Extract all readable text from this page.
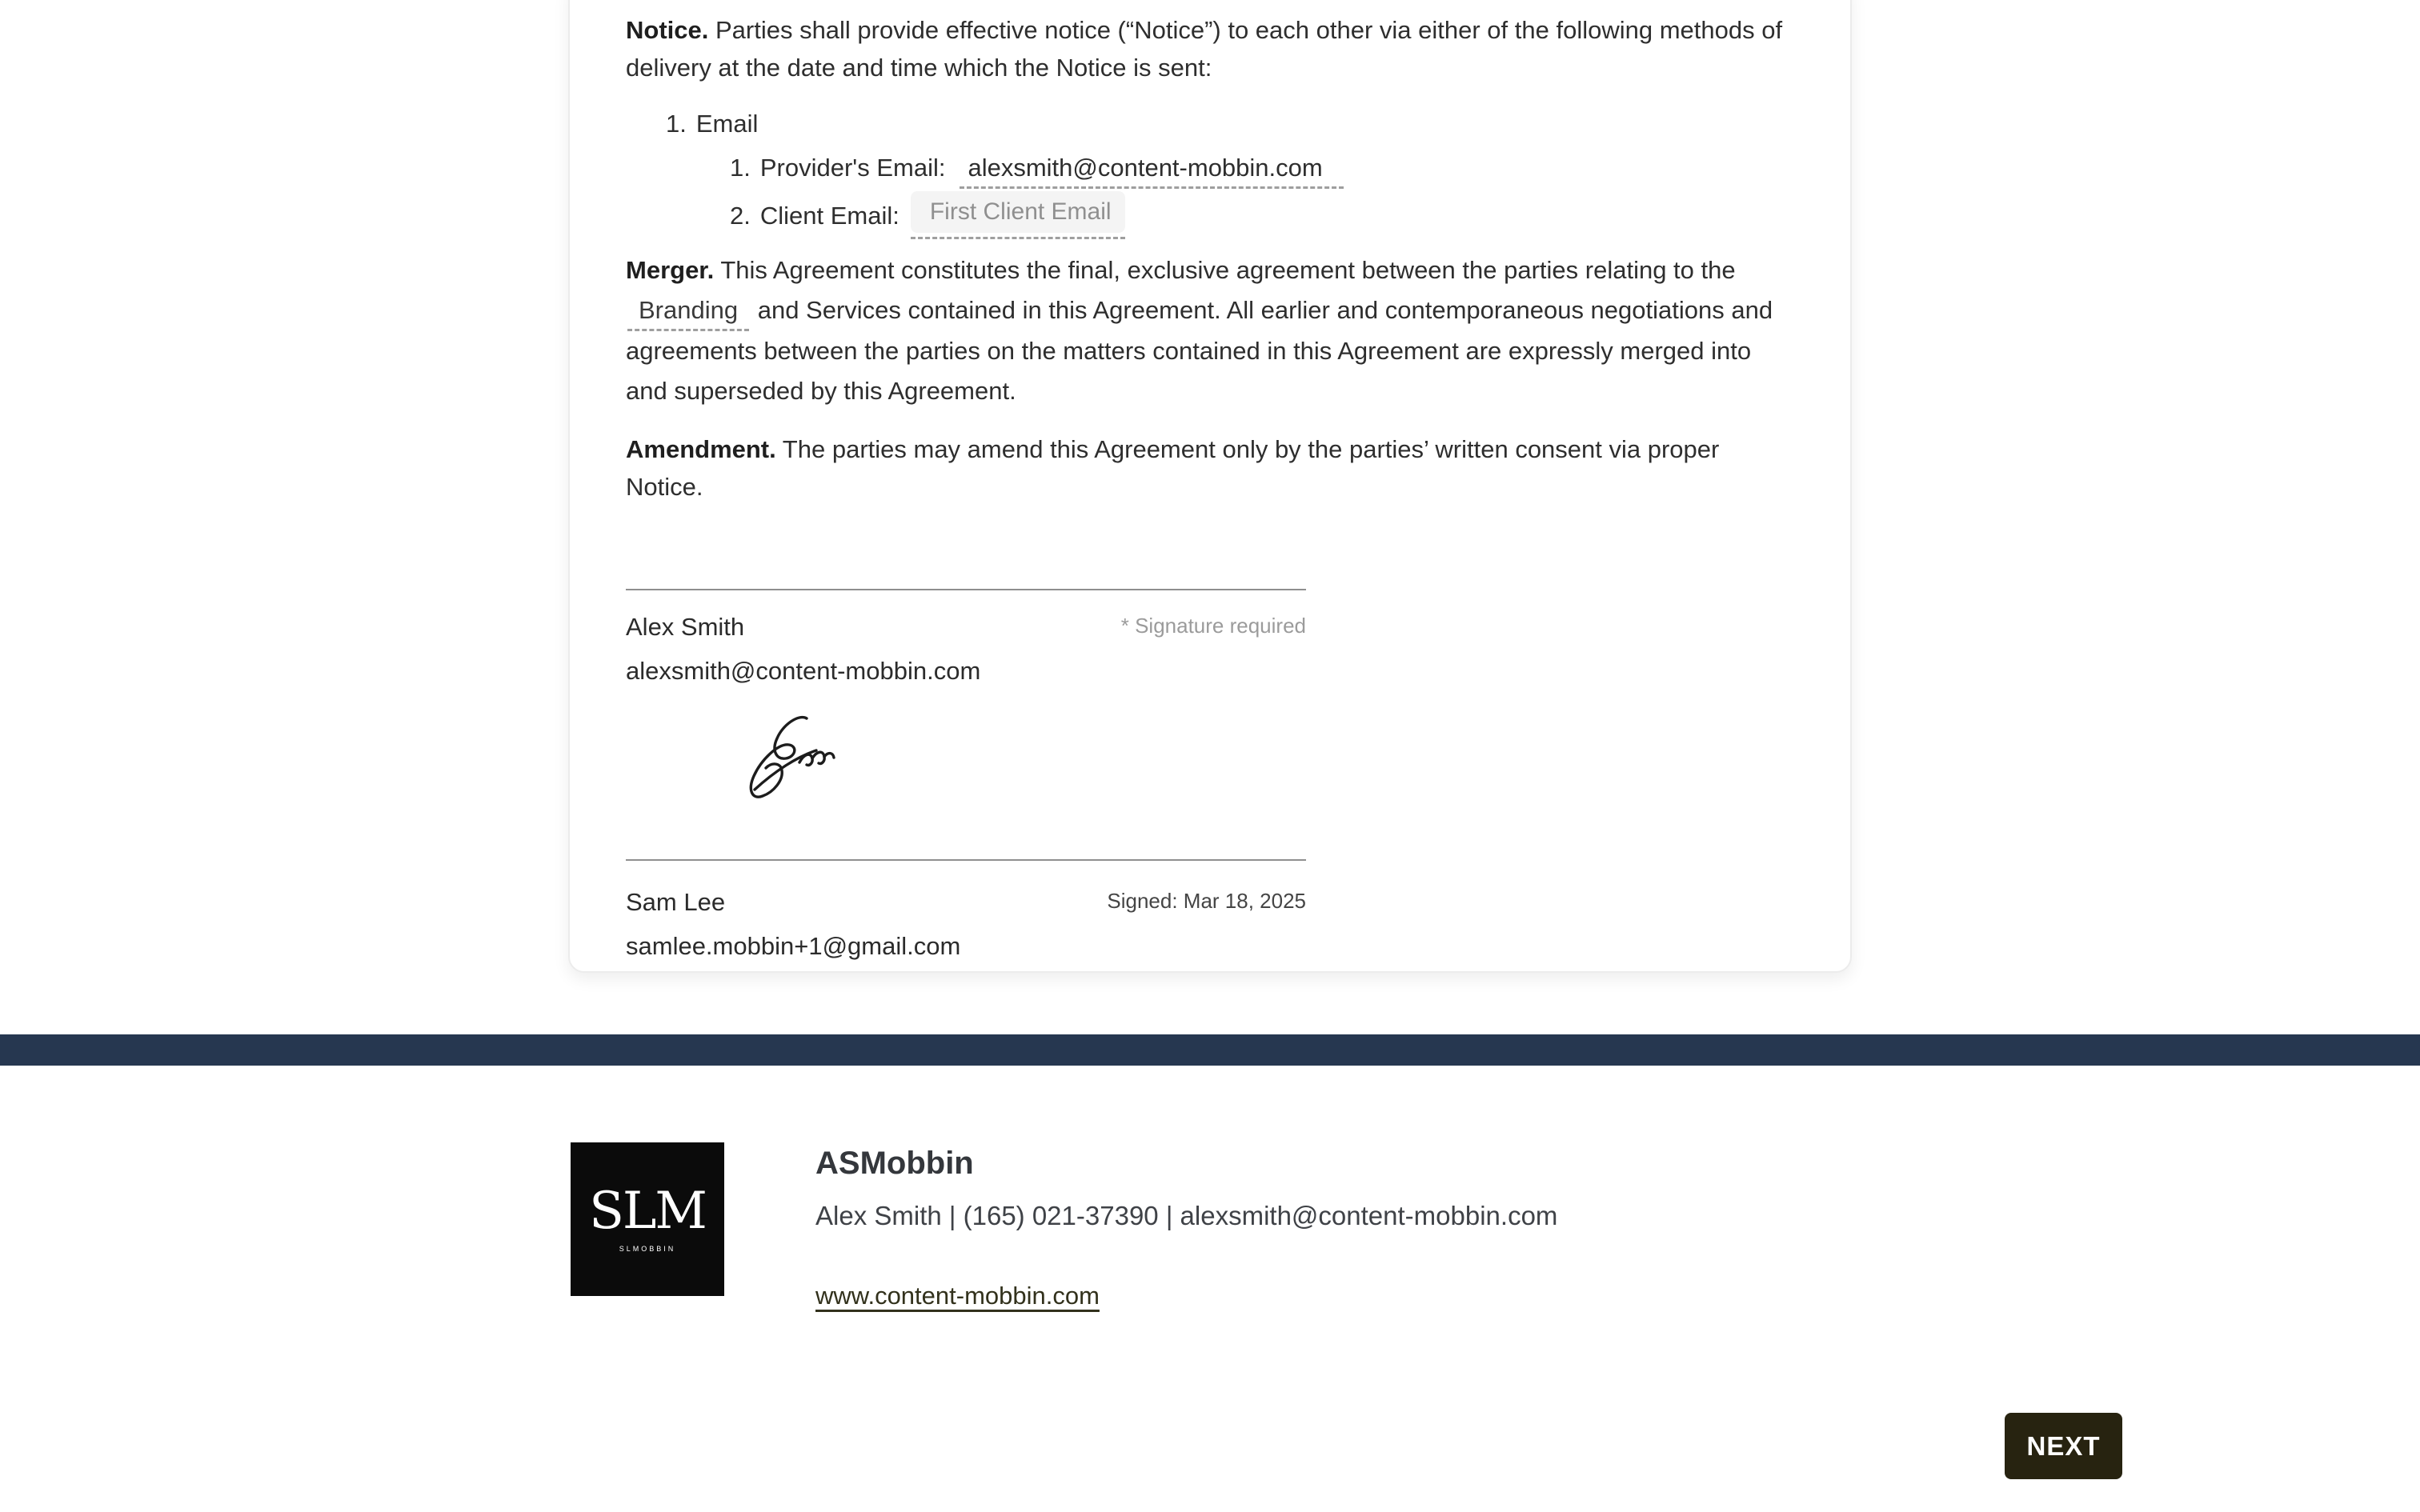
Notice. Parties shall provide effective notice (“Notice”) to each other via either of the following methods of delivery at the date and time which the Notice is sent:

1. Email
1. Provider's Email: alexsmith@content-mobbin.com
2. Client Email:
First Client Email

Merger. This Agreement constitutes the final, exclusive agreement between the parties relating to the Branding and Services contained in this Agreement. All earlier and contemporaneous negotiations and agreements between the parties on the matters contained in this Agreement are expressly merged into and superseded by this Agreement.

Amendment. The parties may amend this Agreement only by the parties’ written consent via proper Notice.

Alex Smith	* Signature required
alexsmith@content-mobbin.com
Sam Lee	Signed: Mar 18, 2025
samlee.mobbin+1@gmail.com
SLM
SLMOBBIN
ASMobbin
Alex Smith | (165) 021-37390 | alexsmith@content-mobbin.com
www.content-mobbin.com
NEXT
